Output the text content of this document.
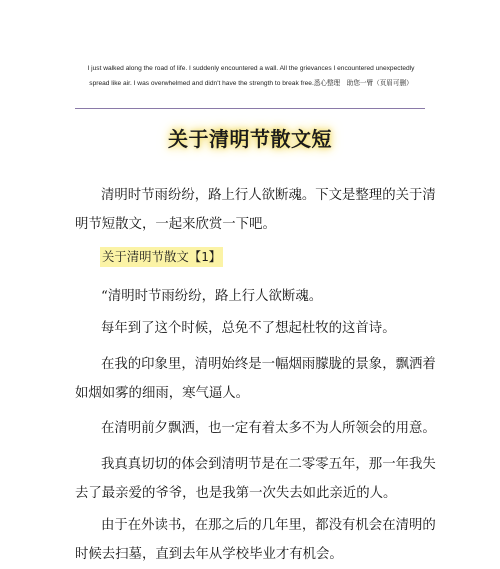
I just walked along the road of life. I suddenly encountered a wall. All the grievances I encountered unexpectedly
spread like air. I was overwhelmed and didn't have the strength to break free.悉心整理　助您一臂（页眉可删）
关于清明节散文短
清明时节雨纷纷，路上行人欲断魂。下文是整理的关于清
明节短散文，一起来欣赏一下吧。
关于清明节散文【1】
“清明时节雨纷纷，路上行人欲断魂。
每年到了这个时候，总免不了想起杜牧的这首诗。
在我的印象里，清明始终是一幅烟雨朦胧的景象，飘洒着
如烟如雾的细雨，寒气逼人。
在清明前夕飘洒，也一定有着太多不为人所领会的用意。
我真真切切的体会到清明节是在二零零五年，那一年我失
去了最亲爱的爷爷，也是我第一次失去如此亲近的人。
由于在外读书，在那之后的几年里，都没有机会在清明的
时候去扫墓，直到去年从学校毕业才有机会。
